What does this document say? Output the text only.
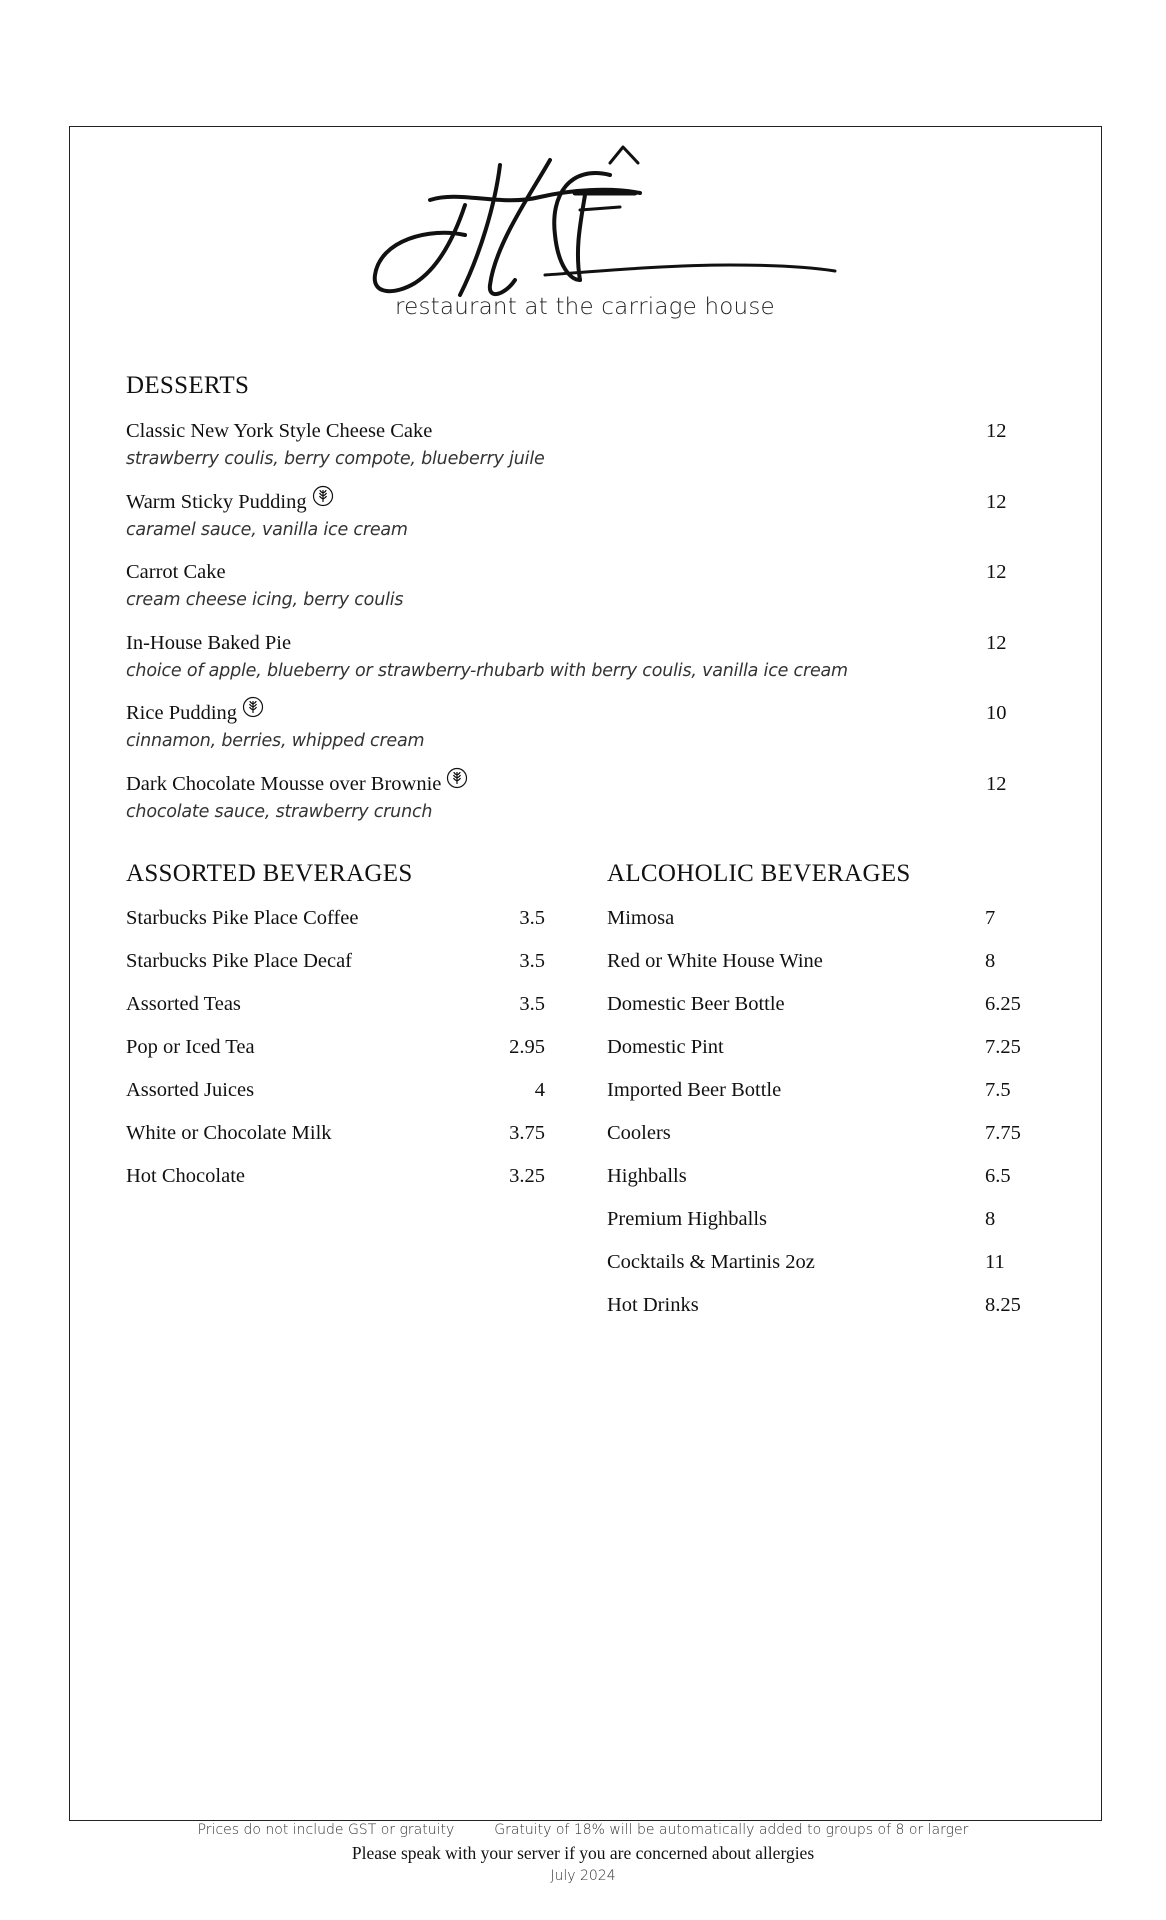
restaurant at the carriage house
DESSERTS
Classic New York Style Cheese Cake	12
strawberry coulis, berry compote, blueberry juile
Warm Sticky Pudding	12
caramel sauce, vanilla ice cream
Carrot Cake	12
cream cheese icing, berry coulis
In-House Baked Pie	12
choice of apple, blueberry or strawberry-rhubarb with berry coulis, vanilla ice cream
Rice Pudding	10
cinnamon, berries, whipped cream
Dark Chocolate Mousse over Brownie	12
chocolate sauce, strawberry crunch
ASSORTED BEVERAGES
Starbucks Pike Place Coffee	3.5
Starbucks Pike Place Decaf	3.5
Assorted Teas	3.5
Pop or Iced Tea	2.95
Assorted Juices	4
White or Chocolate Milk	3.75
Hot Chocolate	3.25
ALCOHOLIC BEVERAGES
Mimosa	7
Red or White House Wine	8
Domestic Beer Bottle	6.25
Domestic Pint	7.25
Imported Beer Bottle	7.5
Coolers	7.75
Highballs	6.5
Premium Highballs	8
Cocktails & Martinis 2oz	11
Hot Drinks	8.25
Prices do not include GST or gratuity	Gratuity of 18% will be automatically added to groups of 8 or larger
Please speak with your server if you are concerned about allergies
July 2024
